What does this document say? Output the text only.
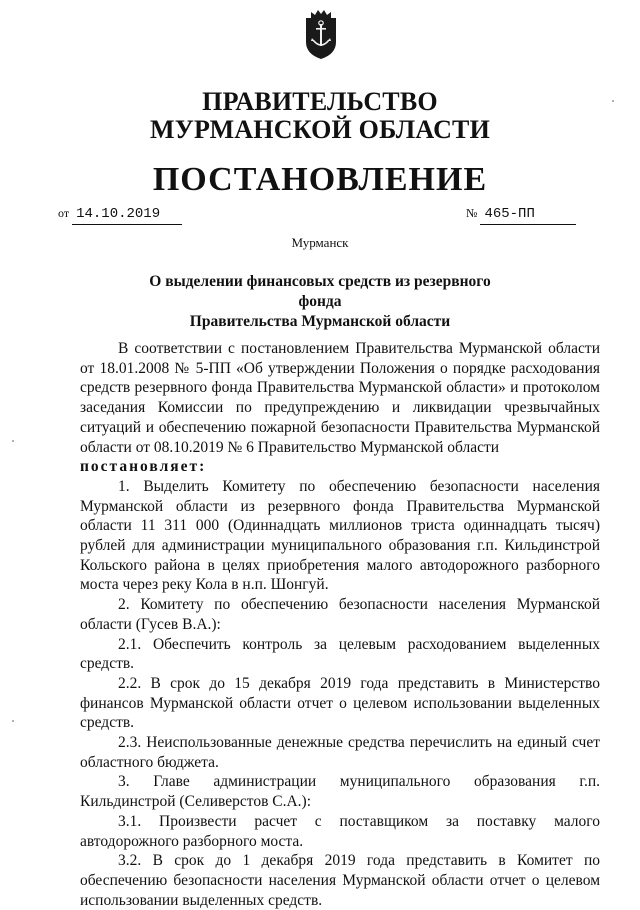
ПРАВИТЕЛЬСТВО
МУРМАНСКОЙ ОБЛАСТИ
ПОСТАНОВЛЕНИЕ
от 14.10.2019	№ 465-ПП
Мурманск
О выделении финансовых средств из резервного фонда
Правительства Мурманской области

В соответствии с постановлением Правительства Мурманской области от 18.01.2008 № 5-ПП «Об утверждении Положения о порядке расходования средств резервного фонда Правительства Мурманской области» и протоколом заседания Комиссии по предупреждению и ликвидации чрезвычайных ситуаций и обеспечению пожарной безопасности Правительства Мурманской области от 08.10.2019 № 6 Правительство Мурманской области

постановляет:

1. Выделить Комитету по обеспечению безопасности населения Мурманской области из резервного фонда Правительства Мурманской области 11 311 000 (Одиннадцать миллионов триста одиннадцать тысяч) рублей для администрации муниципального образования г.п. Кильдинстрой Кольского района в целях приобретения малого автодорожного разборного моста через реку Кола в н.п. Шонгуй.

2. Комитету по обеспечению безопасности населения Мурманской области (Гусев В.А.):

2.1. Обеспечить контроль за целевым расходованием выделенных средств.

2.2. В срок до 15 декабря 2019 года представить в Министерство финансов Мурманской области отчет о целевом использовании выделенных средств.

2.3. Неиспользованные денежные средства перечислить на единый счет областного бюджета.

3. Главе администрации муниципального образования г.п. Кильдинстрой (Селиверстов С.А.):

3.1. Произвести расчет с поставщиком за поставку малого автодорожного разборного моста.

3.2. В срок до 1 декабря 2019 года представить в Комитет по обеспечению безопасности населения Мурманской области отчет о целевом использовании выделенных средств.
